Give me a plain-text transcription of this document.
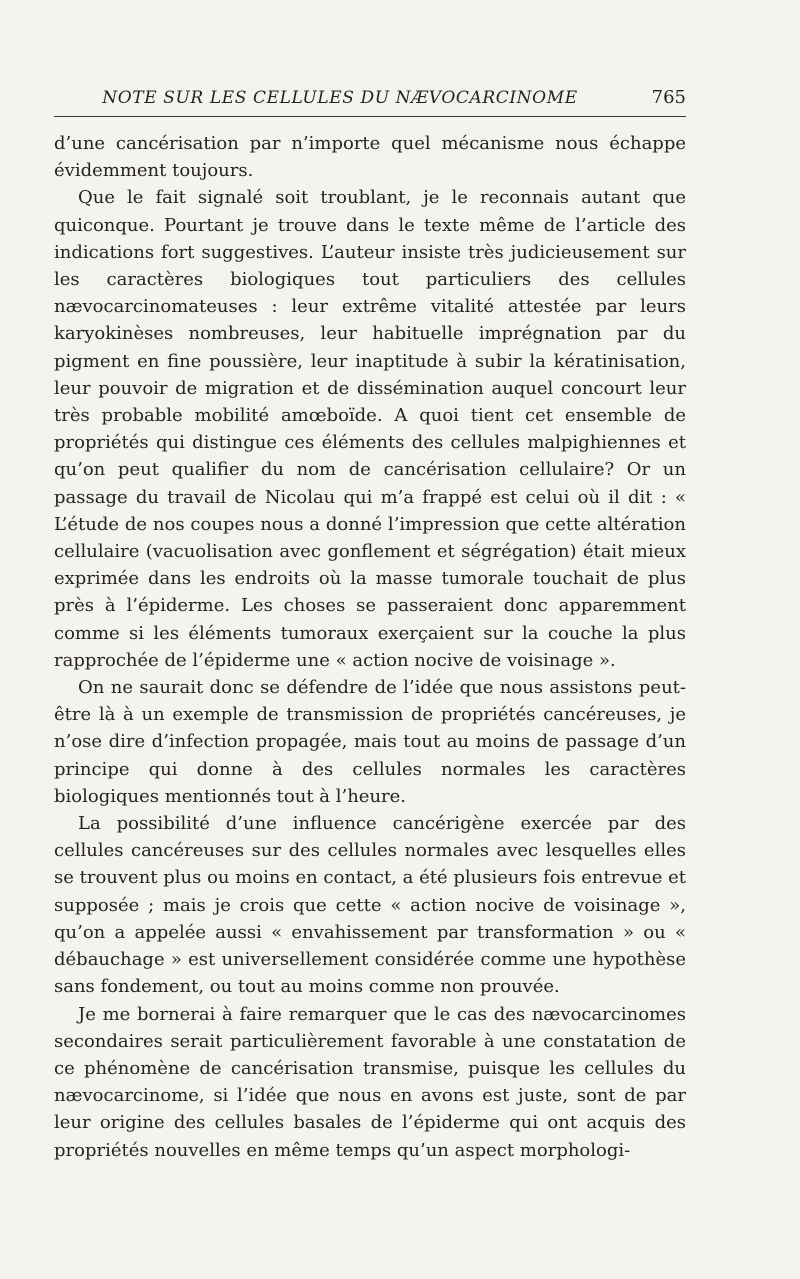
NOTE SUR LES CELLULES DU NÆVOCARCINOME	765

d’une cancérisation par n’importe quel mécanisme nous échappe évidemment toujours.

Que le fait signalé soit troublant, je le reconnais autant que quiconque. Pourtant je trouve dans le texte même de l’article des indications fort suggestives. L’auteur insiste très judicieusement sur les caractères biologiques tout particuliers des cellules nævocarcinomateuses : leur extrême vitalité attestée par leurs karyokinèses nombreuses, leur habituelle imprégnation par du pigment en fine poussière, leur inaptitude à subir la kératinisation, leur pouvoir de migration et de dissémination auquel concourt leur très probable mobilité amœboïde. A quoi tient cet ensemble de propriétés qui distingue ces éléments des cellules malpighiennes et qu’on peut qualifier du nom de cancérisation cellulaire? Or un passage du travail de Nicolau qui m’a frappé est celui où il dit : « L’étude de nos coupes nous a donné l’impression que cette altération cellulaire (vacuolisation avec gonflement et ségrégation) était mieux exprimée dans les endroits où la masse tumorale touchait de plus près à l’épiderme. Les choses se passeraient donc apparemment comme si les éléments tumoraux exerçaient sur la couche la plus rapprochée de l’épiderme une « action nocive de voisinage ».

On ne saurait donc se défendre de l’idée que nous assistons peut-être là à un exemple de transmission de propriétés cancéreuses, je n’ose dire d’infection propagée, mais tout au moins de passage d’un principe qui donne à des cellules normales les caractères biologiques mentionnés tout à l’heure.

La possibilité d’une influence cancérigène exercée par des cellules cancéreuses sur des cellules normales avec lesquelles elles se trouvent plus ou moins en contact, a été plusieurs fois entrevue et supposée ; mais je crois que cette « action nocive de voisinage », qu’on a appelée aussi « envahissement par transformation » ou « débauchage » est universellement considérée comme une hypothèse sans fondement, ou tout au moins comme non prouvée.

Je me bornerai à faire remarquer que le cas des nævocarcinomes secondaires serait particulièrement favorable à une constatation de ce phénomène de cancérisation transmise, puisque les cellules du nævocarcinome, si l’idée que nous en avons est juste, sont de par leur origine des cellules basales de l’épiderme qui ont acquis des propriétés nouvelles en même temps qu’un aspect morphologi-
